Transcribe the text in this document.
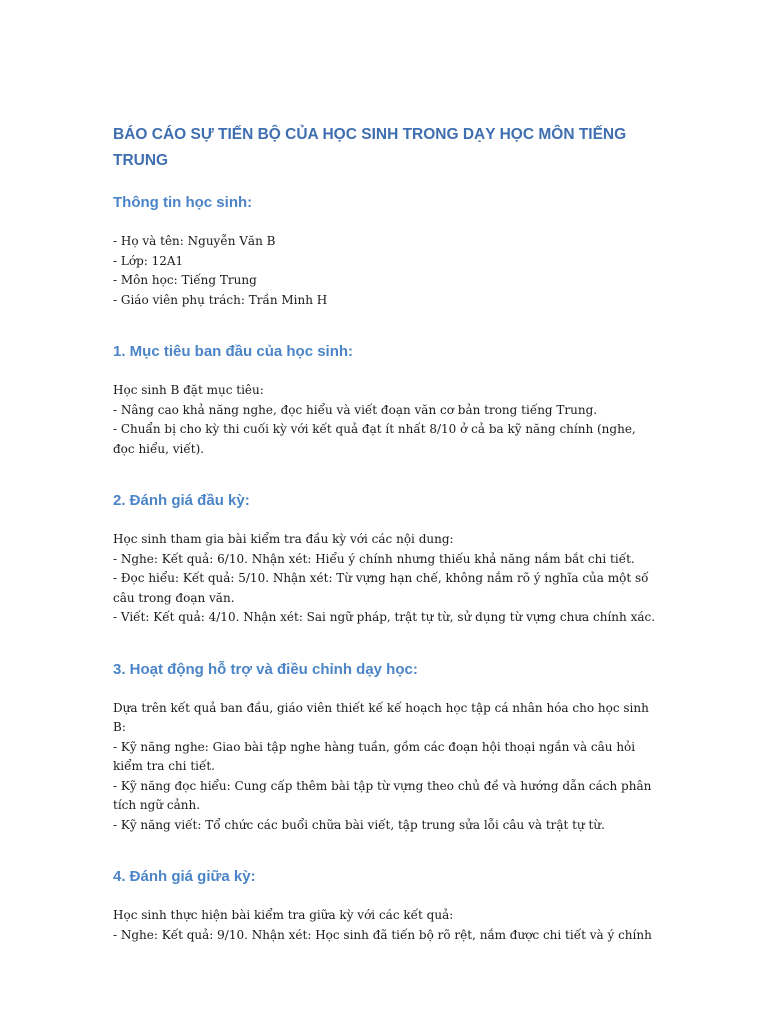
BÁO CÁO SỰ TIẾN BỘ CỦA HỌC SINH TRONG DẠY HỌC MÔN TIẾNG TRUNG
Thông tin học sinh:
- Họ và tên: Nguyễn Văn B
- Lớp: 12A1
- Môn học: Tiếng Trung
- Giáo viên phụ trách: Trần Minh H
1. Mục tiêu ban đầu của học sinh:
Học sinh B đặt mục tiêu:
- Nâng cao khả năng nghe, đọc hiểu và viết đoạn văn cơ bản trong tiếng Trung.
- Chuẩn bị cho kỳ thi cuối kỳ với kết quả đạt ít nhất 8/10 ở cả ba kỹ năng chính (nghe, đọc hiểu, viết).
2. Đánh giá đầu kỳ:
Học sinh tham gia bài kiểm tra đầu kỳ với các nội dung:
- Nghe: Kết quả: 6/10. Nhận xét: Hiểu ý chính nhưng thiếu khả năng nắm bắt chi tiết.
- Đọc hiểu: Kết quả: 5/10. Nhận xét: Từ vựng hạn chế, không nắm rõ ý nghĩa của một số câu trong đoạn văn.
- Viết: Kết quả: 4/10. Nhận xét: Sai ngữ pháp, trật tự từ, sử dụng từ vựng chưa chính xác.
3. Hoạt động hỗ trợ và điều chỉnh dạy học:
Dựa trên kết quả ban đầu, giáo viên thiết kế kế hoạch học tập cá nhân hóa cho học sinh B:
- Kỹ năng nghe: Giao bài tập nghe hàng tuần, gồm các đoạn hội thoại ngắn và câu hỏi kiểm tra chi tiết.
- Kỹ năng đọc hiểu: Cung cấp thêm bài tập từ vựng theo chủ đề và hướng dẫn cách phân tích ngữ cảnh.
- Kỹ năng viết: Tổ chức các buổi chữa bài viết, tập trung sửa lỗi câu và trật tự từ.
4. Đánh giá giữa kỳ:
Học sinh thực hiện bài kiểm tra giữa kỳ với các kết quả:
- Nghe: Kết quả: 9/10. Nhận xét: Học sinh đã tiến bộ rõ rệt, nắm được chi tiết và ý chính
